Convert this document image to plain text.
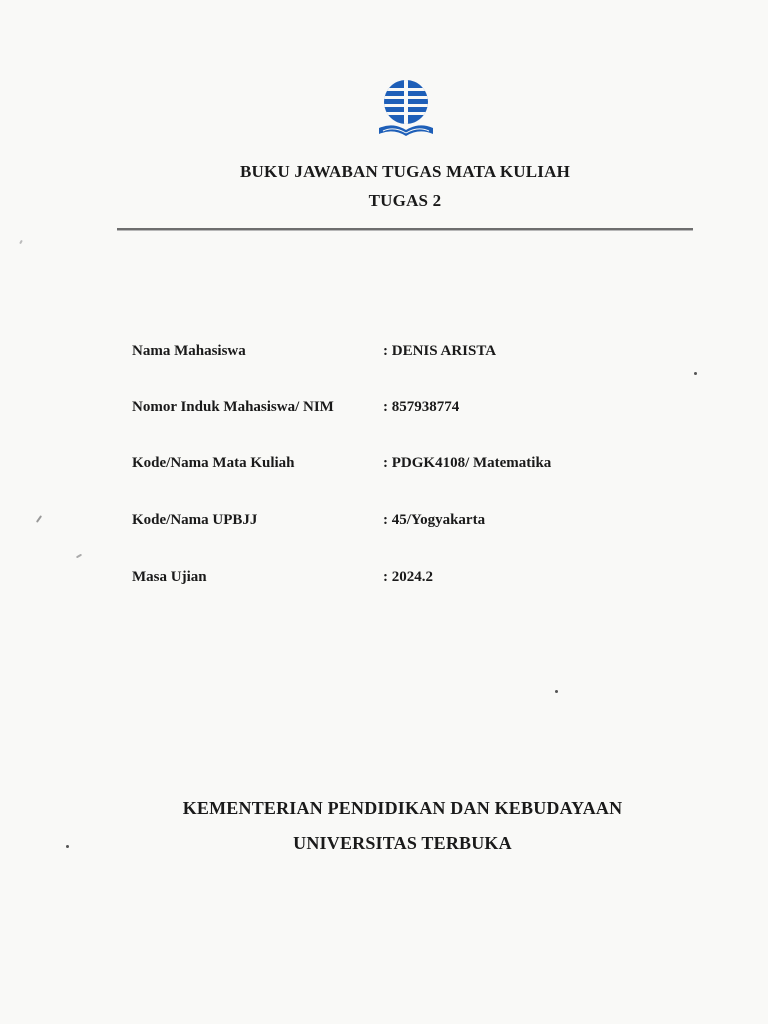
BUKU JAWABAN TUGAS MATA KULIAH
TUGAS 2
Nama Mahasiswa	: DENIS ARISTA
Nomor Induk Mahasiswa/ NIM	: 857938774
Kode/Nama Mata Kuliah	: PDGK4108/ Matematika
Kode/Nama UPBJJ	: 45/Yogyakarta
Masa Ujian	: 2024.2
KEMENTERIAN PENDIDIKAN DAN KEBUDAYAAN
UNIVERSITAS TERBUKA
